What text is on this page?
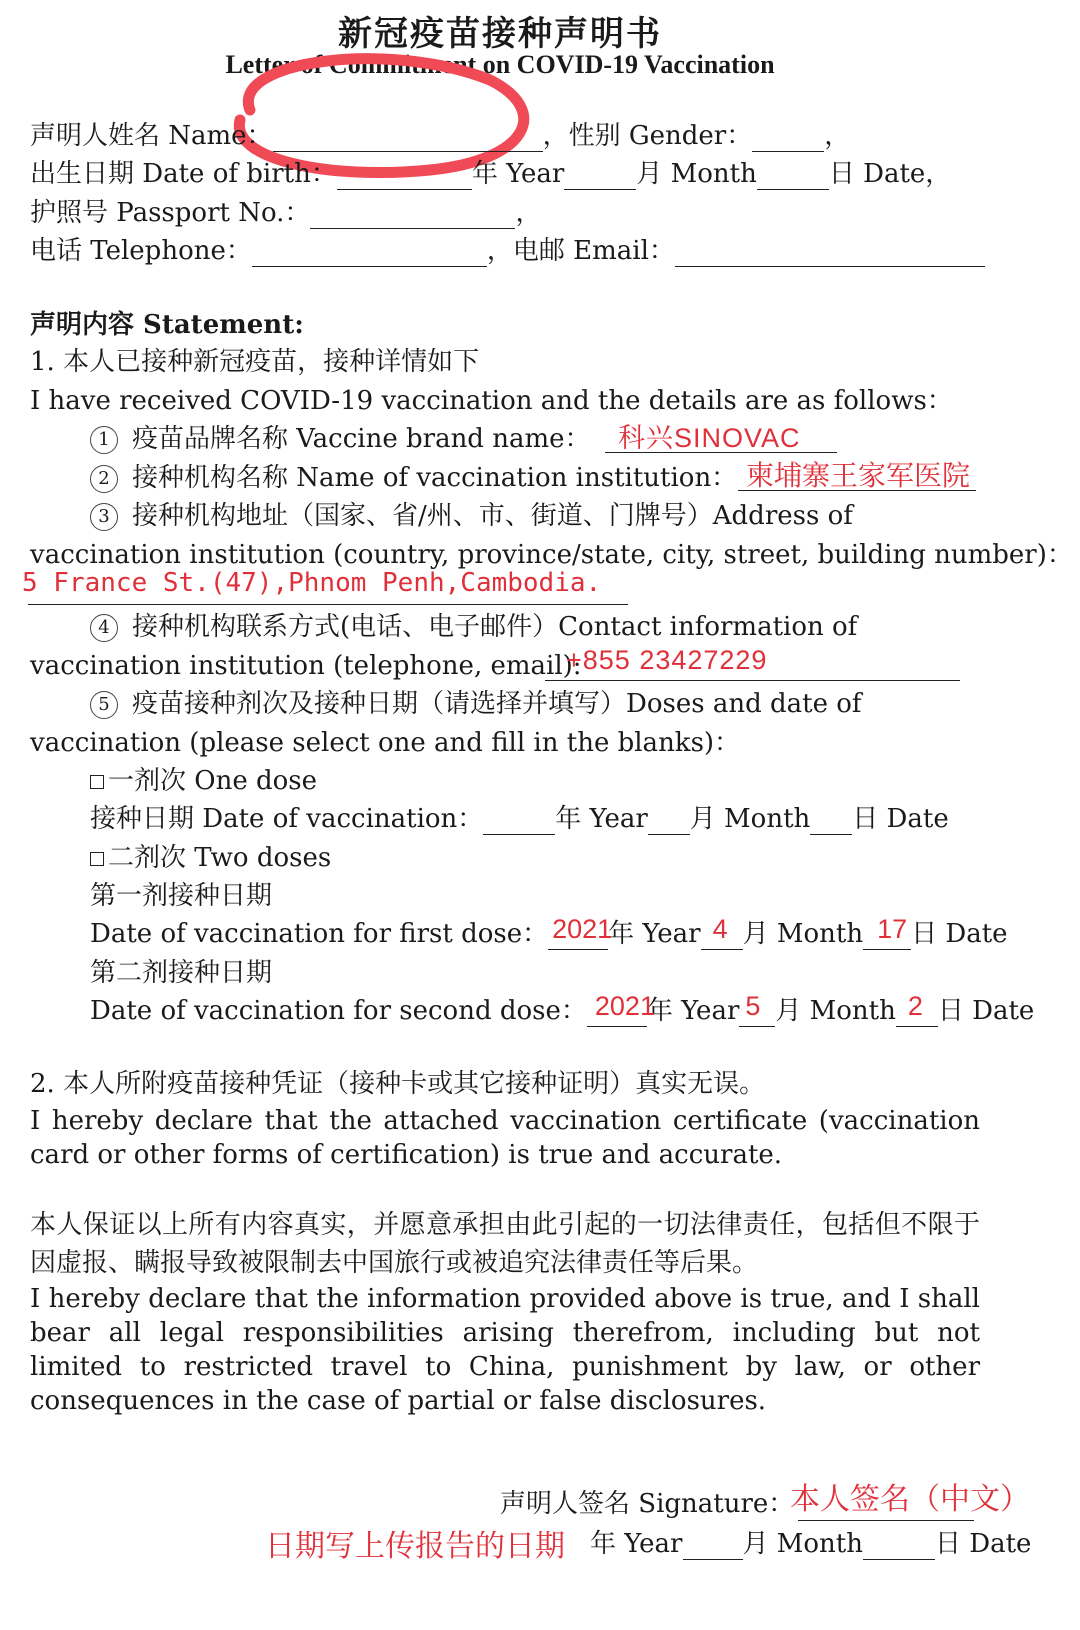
新冠疫苗接种声明书
Letter of Commitment on COVID-19 Vaccination
声明人姓名 Name：	，性别 Gender：	，
出生日期 Date of birth：	年 Year	月 Month	日 Date，
护照号 Passport No.：	，
电话 Telephone：	，电邮 Email：
声明内容 Statement:
1. 本人已接种新冠疫苗，接种详情如下
I have received COVID-19 vaccination and the details are as follows：
1 疫苗品牌名称 Vaccine brand name： 科兴SINOVAC
2 接种机构名称 Name of vaccination institution： 柬埔寨王家军医院
3 接种机构地址（国家、省/州、市、街道、门牌号）Address of
vaccination institution (country, province/state, city, street, building number)：
5 France St.(47),Phnom Penh,Cambodia.
4 接种机构联系方式(电话、电子邮件）Contact information of
vaccination institution (telephone, email):
+855 23427229
5 疫苗接种剂次及接种日期（请选择并填写）Doses and date of
vaccination (please select one and fill in the blanks)：
一剂次 One dose
接种日期 Date of vaccination：	年 Year 月 Month 日 Date
二剂次 Two doses
第一剂接种日期
Date of vaccination for first dose： 2021
年 Year 4 月 Month 17 日 Date
第二剂接种日期
Date of vaccination for second dose： 2021
年 Year 5 月 Month 2 日 Date
2. 本人所附疫苗接种凭证（接种卡或其它接种证明）真实无误。
I hereby declare that the attached vaccination certificate (vaccination card or other forms of certification) is true and accurate.
本人保证以上所有内容真实，并愿意承担由此引起的一切法律责任，包括但不限于因虚报、瞒报导致被限制去中国旅行或被追究法律责任等后果。
I hereby declare that the information provided above is true, and I shall bear all legal responsibilities arising therefrom, including but not limited to restricted travel to China, punishment by law, or other consequences in the case of partial or false disclosures.
声明人签名 Signature：
本人签名（中文）
年 Year 月 Month	日 Date
日期写上传报告的日期
